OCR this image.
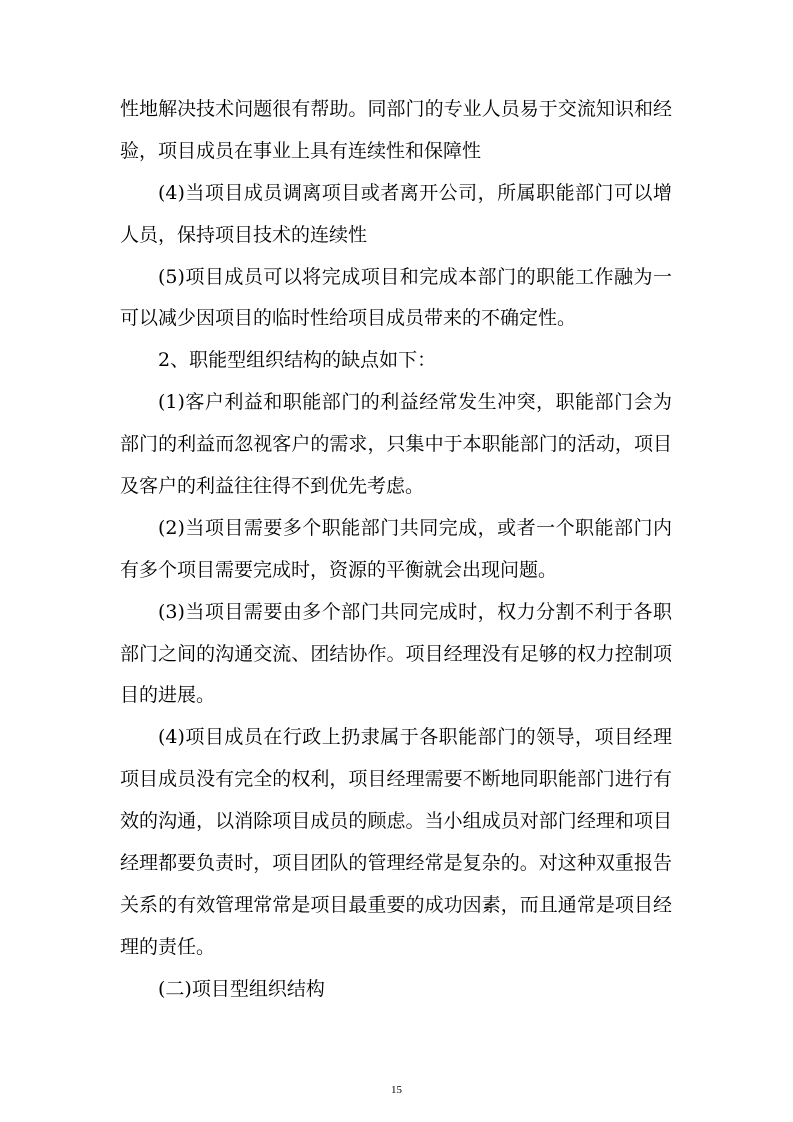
性地解决技术问题很有帮助。同部门的专业人员易于交流知识和经
验，项目成员在事业上具有连续性和保障性
(4)当项目成员调离项目或者离开公司，所属职能部门可以增
人员，保持项目技术的连续性
(5)项目成员可以将完成项目和完成本部门的职能工作融为一
可以减少因项目的临时性给项目成员带来的不确定性。
2、职能型组织结构的缺点如下：
(1)客户利益和职能部门的利益经常发生冲突，职能部门会为
部门的利益而忽视客户的需求，只集中于本职能部门的活动，项目
及客户的利益往往得不到优先考虑。
(2)当项目需要多个职能部门共同完成，或者一个职能部门内
有多个项目需要完成时，资源的平衡就会出现问题。
(3)当项目需要由多个部门共同完成时，权力分割不利于各职
部门之间的沟通交流、团结协作。项目经理没有足够的权力控制项
目的进展。
(4)项目成员在行政上扔隶属于各职能部门的领导，项目经理
项目成员没有完全的权利，项目经理需要不断地同职能部门进行有
效的沟通，以消除项目成员的顾虑。当小组成员对部门经理和项目
经理都要负责时，项目团队的管理经常是复杂的。对这种双重报告
关系的有效管理常常是项目最重要的成功因素，而且通常是项目经
理的责任。
(二)项目型组织结构
15
